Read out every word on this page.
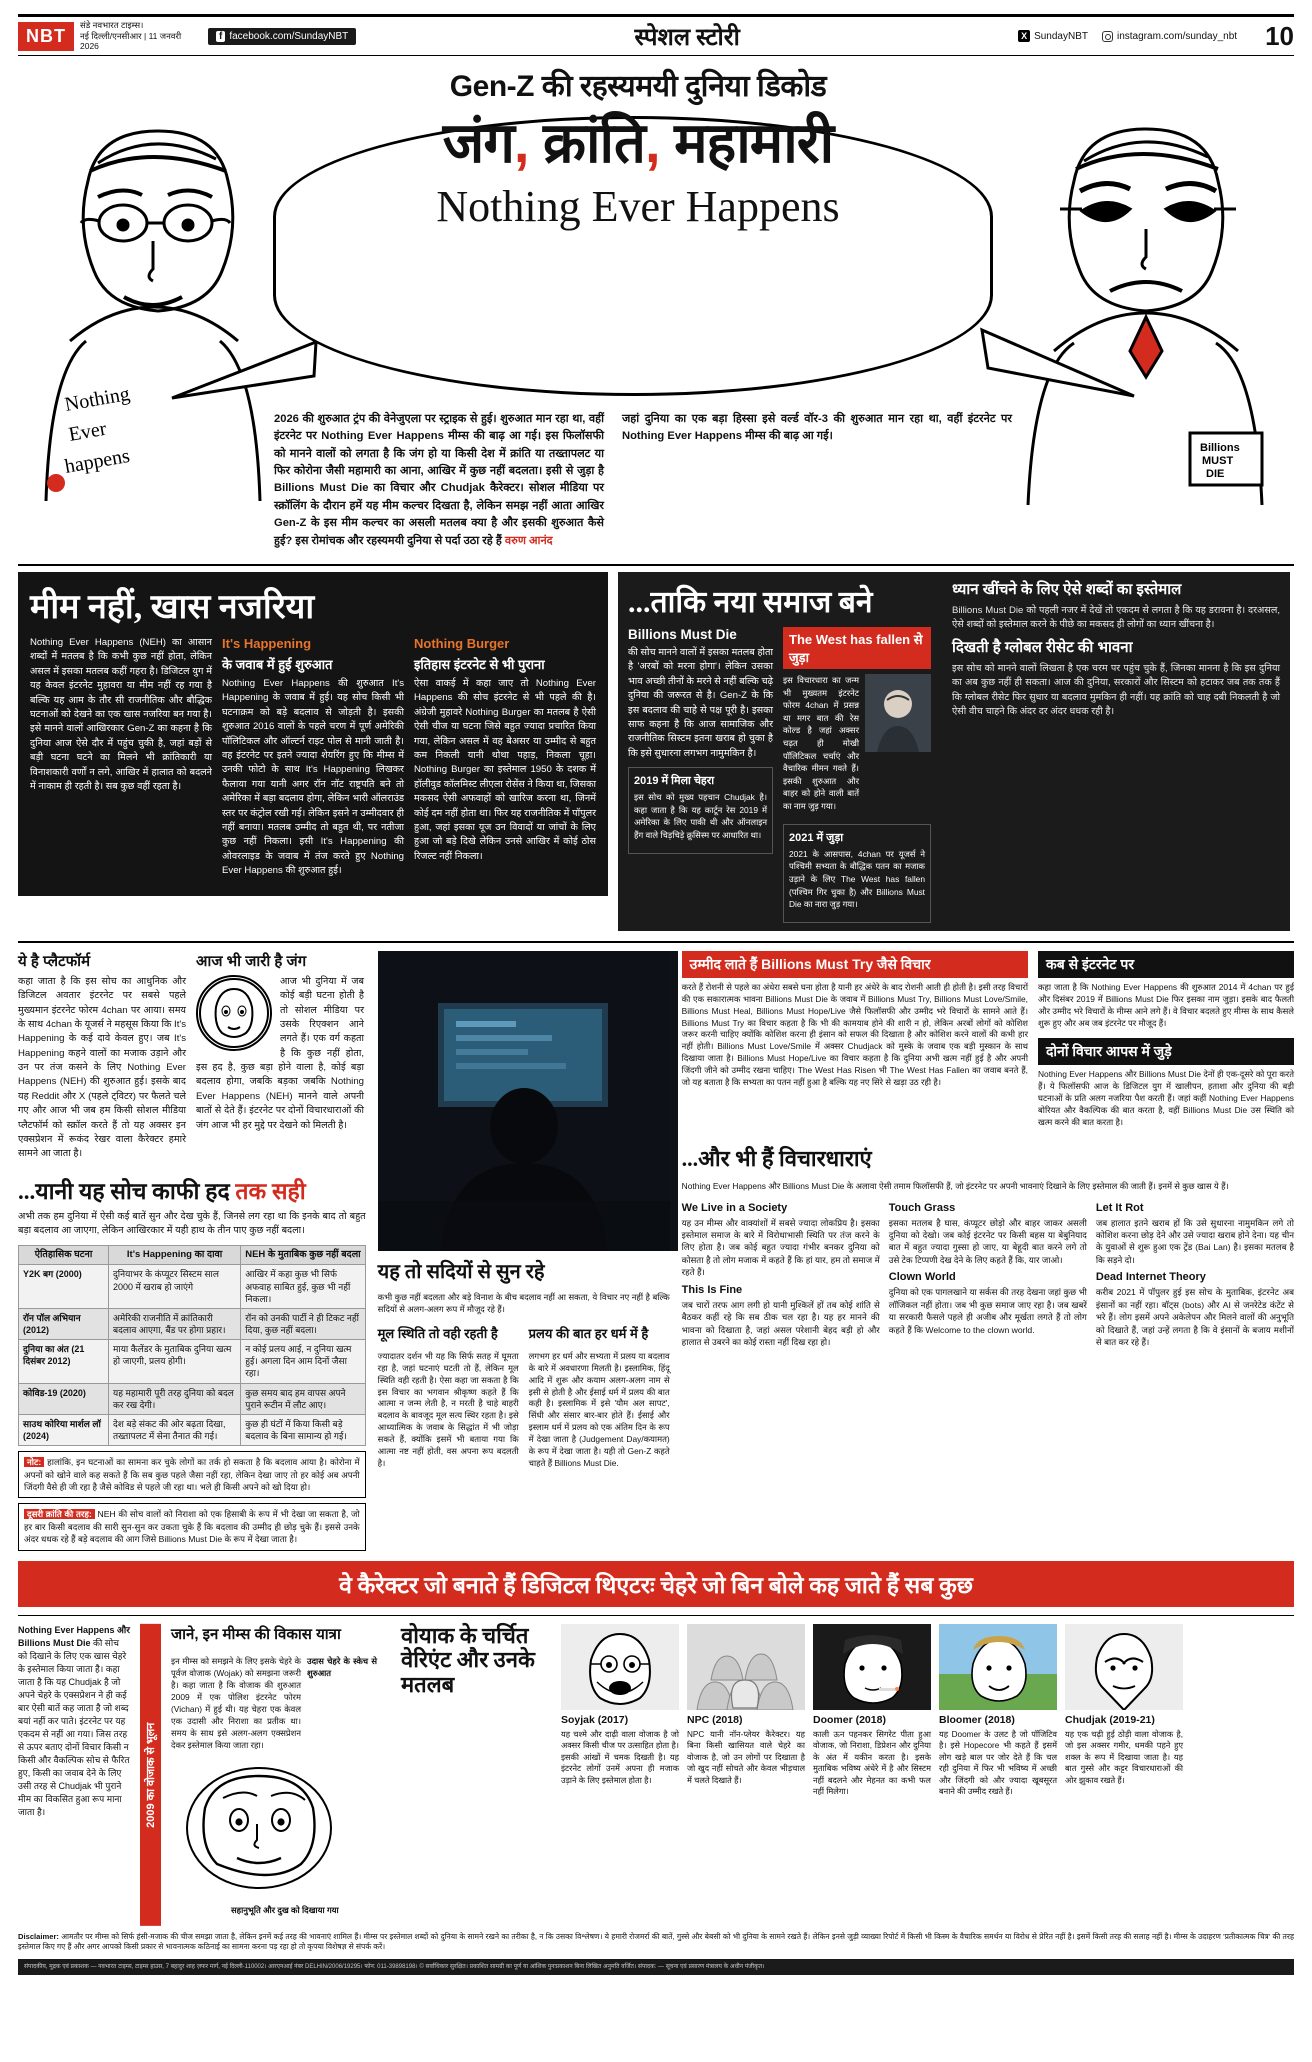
NBT
संडे नवभारत टाइम्स।
नई दिल्ली/एनसीआर | 11 जनवरी 2026
f facebook.com/SundayNBT	स्पेशल स्टोरी	X SundayNBT	instagram.com/sunday_nbt 10
Nothing
Ever
happens	Billions
MUST
DIE
Gen-Z की रहस्यमयी दुनिया डिकोड
जंग, क्रांति, महामारी
Nothing Ever Happens
2026 की शुरुआत ट्रंप की वेनेजुएला पर स्ट्राइक से हुई। शुरुआत मान रहा था, वहीं इंटरनेट पर Nothing Ever Happens मीम्स की बाढ़ आ गई। इस फिलॉसफी को मानने वालों को लगता है कि जंग हो या किसी देश में क्रांति या तख्तापलट या फिर कोरोना जैसी महामारी का आना, आखिर में कुछ नहीं बदलता। इसी से जुड़ा है Billions Must Die का विचार और Chudjak कैरेक्टर। सोशल मीडिया पर स्क्रॉलिंग के दौरान हमें यह मीम कल्चर दिखता है, लेकिन समझ नहीं आता आखिर Gen-Z के इस मीम कल्चर का असली मतलब क्या है और इसकी शुरुआत कैसे हुई? इस रोमांचक और रहस्यमयी दुनिया से पर्दा उठा रहे हैं वरुण आनंद
जहां दुनिया का एक बड़ा हिस्सा इसे वर्ल्ड वॉर-3 की शुरुआत मान रहा था, वहीं इंटरनेट पर Nothing Ever Happens मीम्स की बाढ़ आ गई।
मीम नहीं, खास नजरिया

Nothing Ever Happens (NEH) का आसान शब्दों में मतलब है कि कभी कुछ नहीं होता, लेकिन असल में इसका मतलब कहीं गहरा है। डिजिटल युग में यह केवल इंटरनेट मुहावरा या मीम नहीं रह गया है बल्कि यह आम के तौर सी राजनीतिक और बौद्धिक घटनाओं को देखने का एक खास नजरिया बन गया है। इसे मानने वालों आखिरकार Gen-Z का कहना है कि दुनिया आज ऐसे दौर में पहुंच चुकी है, जहां बड़ों से बड़ी घटना घटने का मिलने भी क्रांतिकारी या विनाशकारी वर्णों न लगे, आखिर में हालात को बदलने में नाकाम ही रहती है। सब कुछ वहीं रहता है।

It's Happening
के जवाब में हुई शुरुआत

Nothing Ever Happens की शुरुआत It's Happening के जवाब में हुई। यह सोच किसी भी घटनाक्रम को बड़े बदलाव से जोड़ती है। इसकी शुरुआत 2016 वालों के पहले चरण में पूर्ण अमेरिकी पॉलिटिकल और ऑल्टर्न राइट पोल से मानी जाती है। वह इंटरनेट पर इतने ज्यादा शेयरिंग हुए कि मीम्स में उनकी फोटो के साथ It's Happening लिखकर फैलाया गया यानी अगर रॉन नॉट राष्ट्रपति बने तो अमेरिका में बड़ा बदलाव होगा, लेकिन भारी ऑलराउंड स्तर पर कंट्रोल रखी गई। लेकिन इसने न उम्मीदवार ही नहीं बनाया। मतलब उम्मीद तो बहुत थी, पर नतीजा कुछ नहीं निकला। इसी It's Happening की ओवरलाइड के जवाब में तंज करते हुए Nothing Ever Happens की शुरुआत हुई।

Nothing Burger
इतिहास इंटरनेट से भी पुराना

ऐसा वाकई में कहा जाए तो Nothing Ever Happens की सोच इंटरनेट से भी पहले की है। अंग्रेजी मुहावरे Nothing Burger का मतलब है ऐसी ऐसी चीज या घटना जिसे बहुत ज्यादा प्रचारित किया गया, लेकिन असल में वह बेअसर या उम्मीद से बहुत कम निकली यानी थोथा पहाड़, निकला चूहा। Nothing Burger का इस्तेमाल 1950 के दशक में हॉलीवुड कॉलमिस्ट लीएला रोसेंस ने किया था, जिसका मकसद ऐसी अफवाहों को खारिज करना था, जिनमें कोई दम नहीं होता था। फिर यह राजनीतिक में पॉपुलर हुआ, जहां इसका यूज उन विवादों या जांचों के लिए हुआ जो बड़े दिखे लेकिन उनसे आखिर में कोई ठोस रिजल्ट नहीं निकला।

...ताकि नया समाज बने
Billions Must Die

की सोच मानने वालों में इसका मतलब होता है 'अरबों को मरना होगा'। लेकिन उसका भाव अच्छी तीनों के मरने से नहीं बल्कि चढ़े दुनिया की जरूरत से है। Gen-Z के कि इस बदलाव की चाहे से पक्ष पूरी है। इसका साफ कहना है कि आज सामाजिक और राजनीतिक सिस्टम इतना खराब हो चुका है कि इसे सुधारना लगभग नामुमकिन है।

2019 में मिला चेहरा

इस सोच को मुख्य पहचान Chudjak है। कहा जाता है कि यह कार्टून रेस 2019 में अमेरिका के लिए पाकी थी और ऑनलाइन हैंग वाले चिड़चिड़े क्रूसिस्म पर आधारित था।

The West has fallen से जुड़ा

इस विचारधारा का जन्म भी मुख्यतम इंटरनेट फोरम 4chan में प्रसन्न था मगर बात की रेस कोल्ड है जहां अक्सर चढ़त ही मोखी पॉलिटिकल चर्चाएं और वैचारिक मीमन गवते हैं। इसकी शुरुआत और बाहर को होने वाली बातें का नाम जुड़ गया।

2021 में जुड़ा

2021 के आसपास, 4chan पर यूजर्स ने पश्चिमी सभ्यता के बौद्धिक पतन का मजाक उड़ाने के लिए The West has fallen (पश्चिम गिर चुका है) और Billions Must Die का नारा जुड़ गया।

ध्यान खींचने के लिए ऐसे शब्दों का इस्तेमाल

Billions Must Die को पहली नजर में देखें तो एकदम से लगता है कि यह डरावना है। दरअसल, ऐसे शब्दों को इस्तेमाल करने के पीछे का मकसद ही लोगों का ध्यान खींचना है।

दिखती है ग्लोबल रीसेट की भावना

इस सोच को मानने वालों लिखता है एक चरम पर पहुंच चुके हैं, जिनका मानना है कि इस दुनिया का अब कुछ नहीं ही सकता। आज की दुनिया, सरकारों और सिस्टम को हटाकर जब तक तक हैं कि ग्लोबल रीसेट फिर सुधार या बदलाव मुमकिन ही नहीं। यह क्रांति को चाह दबी निकलती है जो ऐसी वीच चाहने कि अंदर दर अंदर धधक रही है।

ये है प्लैटफॉर्म

कहा जाता है कि इस सोच का आधुनिक और डिजिटल अवतार इंटरनेट पर सबसे पहले मुख्यमान इंटरनेट फोरम 4chan पर आया। समय के साथ 4chan के यूजर्स ने महसूस किया कि It's Happening के कई दावे केवल हुए। जब It's Happening कहने वालों का मजाक उड़ाने और उन पर तंज कसने के लिए Nothing Ever Happens (NEH) की शुरुआत हुई। इसके बाद यह Reddit और X (पहले ट्विटर) पर फैलते चले गए और आज भी जब हम किसी सोशल मीडिया प्लैटफॉर्म को स्क्रॉल करते हैं तो यह अक्सर इन एक्सप्रेशन में रूकंद रेखर वाला कैरेक्टर हमारे सामने आ जाता है।

आज भी जारी है जंग

आज भी दुनिया में जब कोई बड़ी घटना होती है तो सोशल मीडिया पर उसके रिएक्शन आने लगते हैं। एक वर्ग कहता है कि कुछ नहीं होता, इस हद है, कुछ बड़ा होने वाला है, कोई बड़ा बदलाव होगा, जबकि बड़का जबकि Nothing Ever Happens (NEH) मानने वाले अपनी बातों से देते हैं। इंटरनेट पर दोनों विचारधाराओं की जंग आज भी हर मुद्दे पर देखने को मिलती है।

...यानी यह सोच काफी हद तक सही

अभी तक हम दुनिया में ऐसी कई बातें सुन और देख चुके हैं, जिनसे लग रहा था कि इनके बाद तो बहुत बड़ा बदलाव आ जाएगा, लेकिन आखिरकार में यही हाथ के तीन पाए कुछ नहीं बदला।

ऐतिहासिक घटना	It's Happening का दावा	NEH के मुताबिक कुछ नहीं बदला
Y2K बग (2000)	दुनियाभर के कंप्यूटर सिस्टम साल 2000 में खराब हो जाएंगे	आखिर में कहा कुछ भी सिर्फ अफवाह साबित हुई, कुछ भी नहीं निकला।
रॉन पॉल अभियान (2012)	अमेरिकी राजनीति में क्रांतिकारी बदलाव आएगा, बैंड पर होगा प्रहार।	रॉन को उनकी पार्टी ने ही टिकट नहीं दिया, कुछ नहीं बदला।
दुनिया का अंत (21 दिसंबर 2012)	माया कैलेंडर के मुताबिक दुनिया खत्म हो जाएगी, प्रलय होगी।	न कोई प्रलय आई, न दुनिया खत्म हुई। अगला दिन आम दिनों जैसा रहा।
कोविड-19 (2020)	यह महामारी पूरी तरह दुनिया को बदल कर रख देगी।	कुछ समय बाद हम वापस अपने पुराने रूटीन में लौट आए।
साउथ कोरिया मार्शल लॉ (2024)	देश बड़े संकट की ओर बढ़ता दिखा, तख्तापलट में सेना तैनात की गई।	कुछ ही घंटों में किया किसी बड़े बदलाव के बिना सामान्य हो गई।
नोट: हालांकि, इन घटनाओं का सामना कर चुके लोगों का तर्क हो सकता है कि बदलाव आया है। कोरोना में अपनों को खोने वाले कह सकते हैं कि सब कुछ पहले जैसा नहीं रहा, लेकिन देखा जाए तो हर कोई अब अपनी जिंदगी वैसे ही जी रहा है जैसे कोविड से पहले जी रहा था। भले ही किसी अपने को खो दिया हो।
दूसरी क्रांति की तरह: NEH की सोच वालों को निराशा को एक हिसाबी के रूप में भी देखा जा सकता है, जो हर बार किसी बदलाव की सारी सुन-सुन कर उकता चुके हैं कि बदलाव की उम्मीद ही छोड़ चुके हैं। इससे उनके अंदर धधक रहे हैं बड़े बदलाव की आग जिसे Billions Must Die के रूप में देखा जाता है।
यह तो सदियों से सुन रहे

कभी कुछ नहीं बदलता और बड़े विनाश के बीच बदलाव नहीं आ सकता, ये विचार नए नहीं है बल्कि सदियों से अलग-अलग रूप में मौजूद रहे हैं।

मूल स्थिति तो वही रहती है

ज्यादातर दर्शन भी यह कि सिर्फ सतह में घूमता रहा है, जहां घटनाएं घटती तो हैं, लेकिन मूल स्थिति वही रहती है। ऐसा कहा जा सकता है कि इस विचार का भगवान श्रीकृष्ण कहते हैं कि आत्मा न जन्म लेती है, न मरती है चाहे बाहरी बदलाव के बावजूद मूल सत्य स्थिर रहता है। इसे आध्यात्मिक के जवाब के सिद्धांत में भी जोड़ा सकते हैं, क्योंकि इसमें भी बताया गया कि आत्मा नष्ट नहीं होती, वस अपना रूप बदलती है।

प्रलय की बात हर धर्म में है

लगभग हर धर्म और सभ्यता में प्रलय या बदलाव के बारे में अवधारणा मिलती है। इस्लामिक, हिंदू आदि में शुरू और कयाम अलग-अलग नाम से इसी से होती है और ईसाई धर्म में प्रलय की बात कही है। इस्लामिक में इसे 'यौम अल सापट', सिंधी और संसार बार-बार होते हैं। ईसाई और इस्लाम धर्म में प्रलय को एक अंतिम दिन के रूप में देखा जाता है (Judgement Day/कयामत) के रूप में देखा जाता है। यही तो Gen-Z कहते चाहते हैं Billions Must Die.

उम्मीद लाते हैं Billions Must Try जैसे विचार

करते हैं रोशनी से पहले का अंधेरा सबसे घना होता है यानी हर अंधेरे के बाद रोशनी आती ही होती है। इसी तरह विचारों की एक सकारात्मक भावना Billions Must Die के जवाब में Billions Must Try, Billions Must Love/Smile, Billions Must Heal, Billions Must Hope/Live जैसे फिलॉसफी और उम्मीद भरे विचारों के सामने आते हैं। Billions Must Try का विचार कहता है कि भी की कामयाब होने की शारी न हो, लेकिन अरबों लोगों को कोशिश जरूर करनी चाहिए क्योंकि कोशिश करना ही इंसान को सफल की दिखाता है और कोशिश करने वालों की कभी हार नहीं होती। Billions Must Love/Smile में अक्सर Chudjack को मुस्के के जवाब एक बड़ी मुस्कान के साथ दिखाया जाता है। Billions Must Hope/Live का विचार कहता है कि दुनिया अभी खत्म नहीं हुई है और अपनी जिंदगी जीने को उम्मीद रखना चाहिए। The West Has Risen भी The West Has Fallen का जवाब बनते हैं, जो यह बताता है कि सभ्यता का पतन नहीं हुआ है बल्कि यह नए सिरे से खड़ा उठ रही है।

कब से इंटरनेट पर

कहा जाता है कि Nothing Ever Happens की शुरुआत 2014 में 4chan पर हुई और दिसंबर 2019 में Billions Must Die फिर इसका नाम जुड़ा। इसके बाद फैलती और उम्मीद भरे विचारों के मीम्स आने लगे हैं। वे विचार बदलते हुए मीम्स के साथ कैसले शुरू हुए और अब जब इंटरनेट पर मौजूद हैं।

दोनों विचार आपस में जुड़े

Nothing Ever Happens और Billions Must Die देनों ही एक-दूसरे को पूरा करते हैं। ये फिलॉसफी आज के डिजिटल युग में खालीपन, हताशा और दुनिया की बड़ी घटनाओं के प्रति अलग नजरिया पैश करती हैं। जहां कहीं Nothing Ever Happens बोरियत और वैकल्पिक की बात करता है, वहीं Billions Must Die उस स्थिति को खत्म करने की बात करता है।

...और भी हैं विचारधाराएं

Nothing Ever Happens और Billions Must Die के अलावा ऐसी तमाम फिलॉसफी हैं, जो इंटरनेट पर अपनी भावनाएं दिखाने के लिए इस्तेमाल की जाती हैं। इनमें से कुछ खास ये हैं।

We Live in a Society

यह उन मीम्स और वाक्यांशों में सबसे ज्यादा लोकप्रिय है। इसका इस्तेमाल समाज के बारे में विरोधाभासी स्थिति पर तंज करने के लिए होता है। जब कोई बहुत ज्यादा गंभीर बनकर दुनिया को कोसता है तो लोग मजाक में कहते हैं कि हां यार, हम तो समाज में रहते हैं।

This Is Fine

जब चारों तरफ आग लगी हो यानी मुश्किलें हों तब कोई शांति से बैठकर कहीं रहे कि सब ठीक चल रहा है। यह हर मानने की भावना को दिखाता है, जहां असल परेशानी बेहद बड़ी हो और हालात से उबरने का कोई रास्ता नहीं दिख रहा हो।

Touch Grass

इसका मतलब है घास, कंप्यूटर छोड़ो और बाहर जाकर असली दुनिया को देखो। जब कोई इंटरनेट पर किसी बहस या बेबुनियाद बात में बहुत ज्यादा गुस्सा हो जाए, या बेहूदी बात करने लगे तो उसे टेक टिप्पणी देख देने के लिए कहते हैं कि, यार जाओ।

Clown World

दुनिया को एक पागलखाने या सर्कस की तरह देखना जहां कुछ भी लॉजिकल नहीं होता। जब भी कुछ समाज जाए रहा है। जब खबरें या सरकारी फैसले पहले ही अजीब और मूर्खता लगते हैं तो लोग कहते हैं कि Welcome to the clown world.

Let It Rot

जब हालात इतने खराब हों कि उसे सुधारना नामुमकिन लगे तो कोशिश करना छोड़ देने और उसे ज्यादा खराब होने देना। यह चीन के युवाओं से शुरू हुआ एक ट्रेंड (Bai Lan) है। इसका मतलब है कि सड़ने दो।

Dead Internet Theory

करीब 2021 में पॉपुलर हुई इस सोच के मुताबिक, इंटरनेट अब इंसानों का नहीं रहा। बॉट्स (bots) और AI से जनरेटेड कंटेंट से भरे हैं। लोग इसमें अपने अकेलेपन और मिलने वालों की अनुभूति को दिखाते हैं, जहां उन्हें लगता है कि वे इंसानों के बजाय मशीनों से बात कर रहे हैं।

वे कैरेक्टर जो बनाते हैं डिजिटल थिएटरः चेहरे जो बिन बोले कह जाते हैं सब कुछ
Nothing Ever Happens और Billions Must Die की सोच को दिखाने के लिए एक खास चेहरे के इस्तेमाल किया जाता है। कहा जाता है कि यह Chudjak है जो अपने चेहरे के एक्सप्रेशन ने ही कई बार ऐसी बातें कह जाता है जो शब्द बयां नहीं कर पाते। इंटरनेट पर यह एकदम से नहीं आ गया। जिस तरह से ऊपर बताए दोनों विचार किसी न किसी और वैकल्पिक सोच से फैरित हुए, किसी का जवाब देने के लिए उसी तरह से Chudjak भी पुराने मीम का विकसित हुआ रूप माना जाता है।	2009 का वोजाक से भूलन
जाने, इन मीम्स की विकास यात्रा

इन मीम्स को समझने के लिए इसके चेहरे के पूर्वज वोजाक (Wojak) को समझना जरूरी है। कहा जाता है कि वोजाक की शुरुआत 2009 में एक पोलिश इंटरनेट फोरम (Vichan) में हुई थी। यह चेहरा एक केवल एक उदासी और निराशा का प्रतीक था। समय के साथ इसे अलग-अलग एक्सप्रेशन देकर इस्तेमाल किया जाता रहा।

उदास चेहरे के स्केच से शुरुआत

सहानुभूति और दुख को दिखाया गया

वोयाक के चर्चित वेरिएंट और उनके मतलब
Soyjak (2017)

यह चश्मे और दाढ़ी वाला वोजाक है जो अक्सर किसी चीज पर उत्साहित होता है। इसकी आंखों में चमक दिखती है। यह इंटरनेट लोगों उनमें अपना ही मजाक उड़ाने के लिए इस्तेमाल होता है।

NPC (2018)

NPC यानी नॉन-प्लेयर कैरेक्टर। यह बिना किसी खासियत वाले चेहरे का वोजाक है, जो उन लोगों पर दिखाता है जो खुद नहीं सोचते और केवल भीड़चाल में चलते दिखाते हैं।

Doomer (2018)

काली ऊन पहनकर सिगरेट पीता हुआ वोजाक, जो निराशा, डिप्रेशन और दुनिया के अंत में यकीन करता है। इसके मुताबिक भविष्य अंधेरे में है और सिस्टम नहीं बदलने और मेहनत का कभी फल नहीं मिलेगा।

Bloomer (2018)

यह Doomer के उलट है जो पॉजिटिव है। इसे Hopecore भी कहते हैं इसमें लोग खड़े बाल पर जोर देते हैं कि चल रही दुनिया में फिर भी भविष्य में अच्छी और जिंदगी को और ज्यादा खूबसूरत बनाने की उम्मीद रखते हैं।

Chudjak (2019-21)

यह एक चढ़ी हुई ठोड़ी वाला वोजाक है, जो इस अक्सर गमीर, धमकी पहने हुए शक्ल के रूप में दिखाया जाता है। यह बात गुस्से और कट्टर विचारधाराओं की ओर झुकाव रखते हैं।

Disclaimer: आमतौर पर मीम्स को सिर्फ हंसी-मजाक की चीज समझा जाता है, लेकिन इनमें कई तरह की भावनाएं शामिल हैं। मीम्स पर इस्तेमाल शब्दों को दुनिया के सामने रखने का तरीका है, न कि उसका विश्लेषण। ये हमारी रोजमर्रा की बातें, गुस्से और बेबसी को भी दुनिया के सामने रखते हैं। लेकिन इनसे जुड़ी व्याख्या रिपोर्ट में किसी भी किस्म के वैचारिक समर्थन या विरोध से प्रेरित नहीं है। इसमें किसी तरह की सलाह नहीं है। मीम्स के उदाहरण 'प्रतीकात्मक चित्र' की तरह इस्तेमाल किए गए हैं और अगर आपको किसी प्रकार से भावनात्मक कठिनाई का सामना करना पड़ रहा हो तो कृपया विशेषज्ञ से संपर्क करें।
संपादकीय, मुद्रक एवं प्रकाशक — नवभारत टाइम्स, टाइम्स हाउस, 7 बहादुर शाह ज़फर मार्ग, नई दिल्ली-110002। आरएनआई नंबर DELHIN/2006/19295। फोन: 011-39898198। © सर्वाधिकार सुरक्षित। प्रकाशित सामग्री का पूर्ण या आंशिक पुनःप्रकाशन बिना लिखित अनुमति वर्जित। संपादक: — सूचना एवं प्रसारण मंत्रालय के अधीन पंजीकृत।
